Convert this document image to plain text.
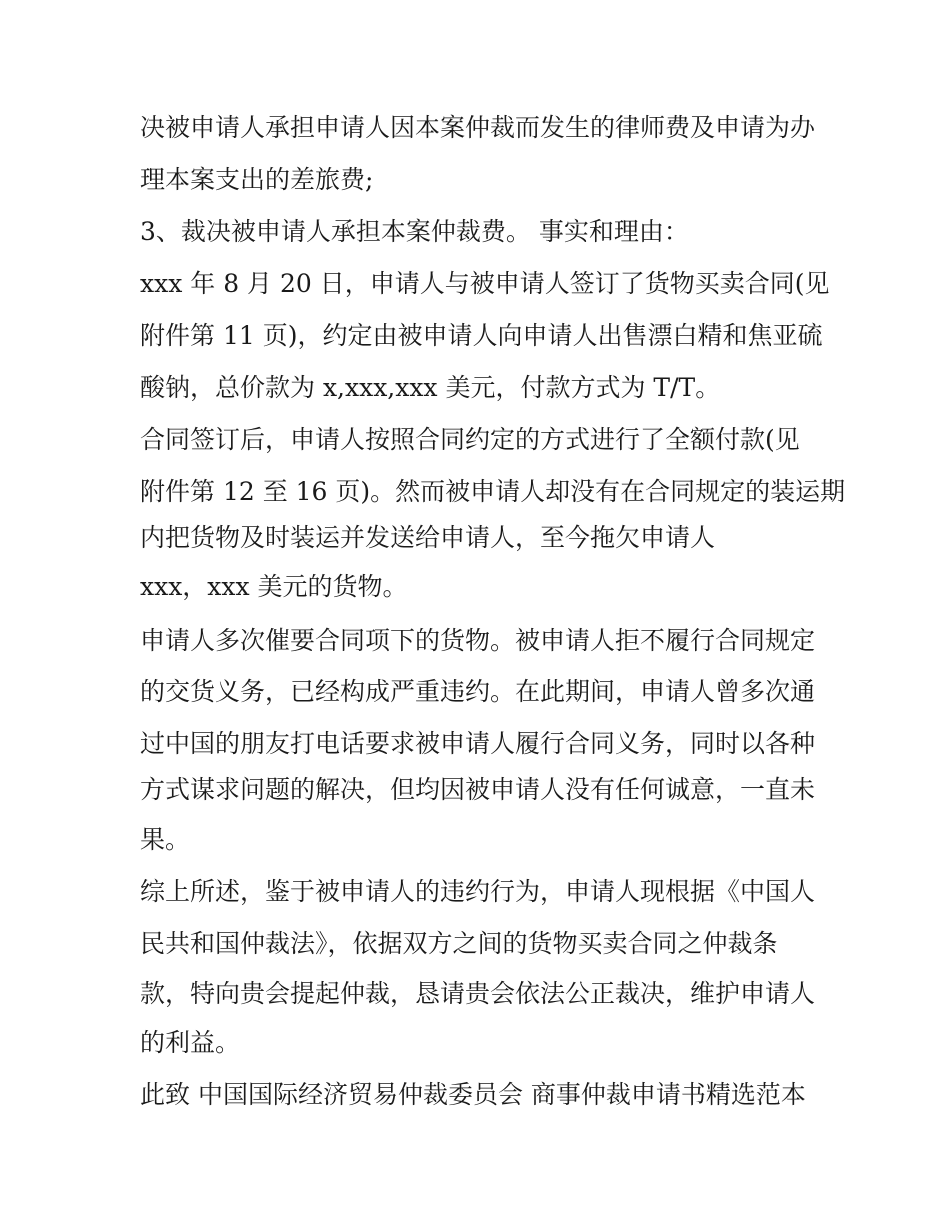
决被申请人承担申请人因本案仲裁而发生的律师费及申请为办
理本案支出的差旅费;
3、裁决被申请人承担本案仲裁费。 事实和理由：
xxx 年 8 月 20 日，申请人与被申请人签订了货物买卖合同(见
附件第 11 页)，约定由被申请人向申请人出售漂白精和焦亚硫
酸钠，总价款为 x,xxx,xxx 美元，付款方式为 T/T。
合同签订后，申请人按照合同约定的方式进行了全额付款(见
附件第 12 至 16 页)。然而被申请人却没有在合同规定的装运期
内把货物及时装运并发送给申请人，至今拖欠申请人
xxx，xxx 美元的货物。
申请人多次催要合同项下的货物。被申请人拒不履行合同规定
的交货义务，已经构成严重违约。在此期间，申请人曾多次通
过中国的朋友打电话要求被申请人履行合同义务，同时以各种
方式谋求问题的解决，但均因被申请人没有任何诚意，一直未
果。
综上所述，鉴于被申请人的违约行为，申请人现根据《中国人
民共和国仲裁法》，依据双方之间的货物买卖合同之仲裁条
款，特向贵会提起仲裁，恳请贵会依法公正裁决，维护申请人
的利益。
此致 中国国际经济贸易仲裁委员会 商事仲裁申请书精选范本
